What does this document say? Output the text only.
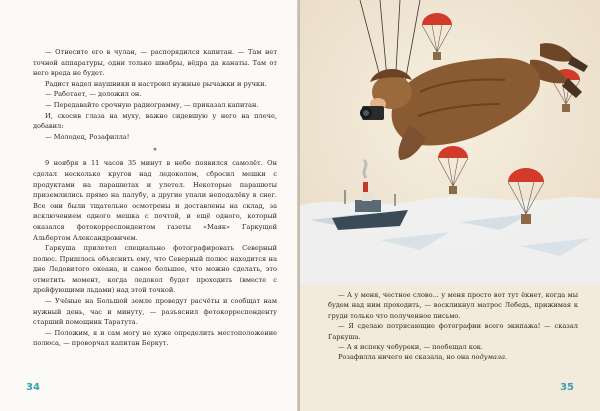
— Отнесите его в чулан, — распорядился капитан. — Там нет точной аппаратуры, одни только швабры, вёдра да канаты. Там от него вреда не будет.

Радист надел наушники и настроил нужные рычажки и ручки.

— Работает, — доложил он.

— Передавайте срочную радиограмму, — приказал капитан.

И, скосив глаза на муху, важно сидевшую у него на плече, добавил:

— Молодец, Розафилла!

*

9 ноября в 11 часов 35 минут в небе появился самолёт. Он сделал несколько кругов над ледоколом, сбросил мешки с продуктами на парашютах и улетел. Некоторые парашюты приземлились прямо на палубу, а другие упали неподалёку в снег. Все они были тщательно осмотрены и доставлены на склад, за исключением одного мешка с почтой, и ещё одного, который оказался фотокорреспондентом газеты «Маяк» Гаркущей Альбертом Александровичем.

Гаркуша прилетел специально фотографировать Северный полюс. Пришлось объяснить ему, что Северный полюс находится на дне Ледовитого океана, и самое большее, что можно сделать, это отметить момент, когда ледокол будет проходить (вместе с дрейфующими льдами) над этой точкой.

— Учёные на Большой земле проведут расчёты и сообщат нам нужный день, час и минуту, — разъяснил фотокорреспонденту старший помощник Таратута.

— Положим, я и сам могу не хуже определить местоположение полюса, — проворчал капитан Беркут.

34

— А у меня, честное слово... у меня просто вот тут ёкнет, когда мы будем над ним проходить, — воскликнул матрос Лебедь, прижимая к груди только что полученное письмо.

— Я сделаю потрясающие фотографии всего экипажа! — сказал Гаркуша.

— А я испеку чебуреки, — пообещал кок.

Розафилла ничего не сказала, но она подумала.

35
